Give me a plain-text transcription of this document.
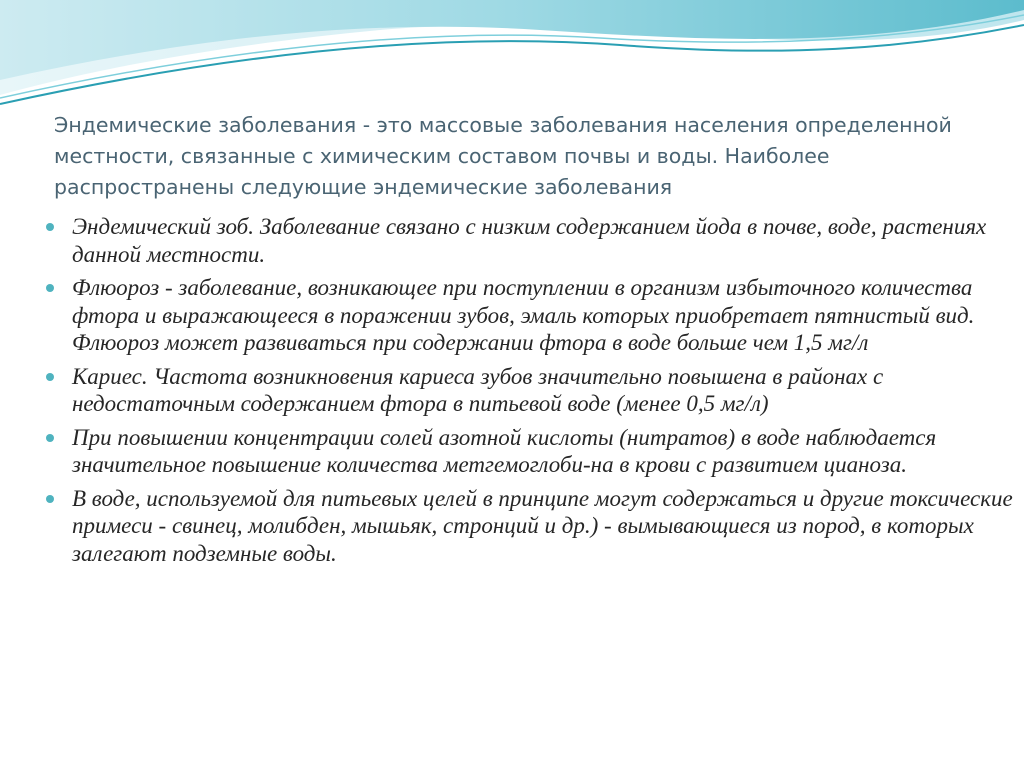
Эндемические заболевания - это массовые заболевания населения определенной местности, связанные с химическим составом почвы и воды. Наиболее распространены следующие эндемические заболевания

Эндемический зоб. Заболевание связано с низким содержанием йода в почве, воде, растениях данной местности.
Флюороз - заболевание, возникающее при поступлении в организм избыточного количества фтора и выражающееся в поражении зубов, эмаль которых приобретает пятнистый вид. Флюороз может развиваться при содержании фтора в воде больше чем 1,5 мг/л
Кариес. Частота возникновения кариеса зубов значительно повышена в районах с недостаточным содержанием фтора в питьевой воде (менее 0,5 мг/л)
При повышении концентрации солей азотной кислоты (нитратов) в воде наблюдается значительное повышение количества метгемоглоби-на в крови с развитием цианоза.
В воде, используемой для питьевых целей в принципе могут содержаться и другие токсические примеси - свинец, молибден, мышьяк, стронций и др.) - вымывающиеся из пород, в которых залегают подземные воды.
